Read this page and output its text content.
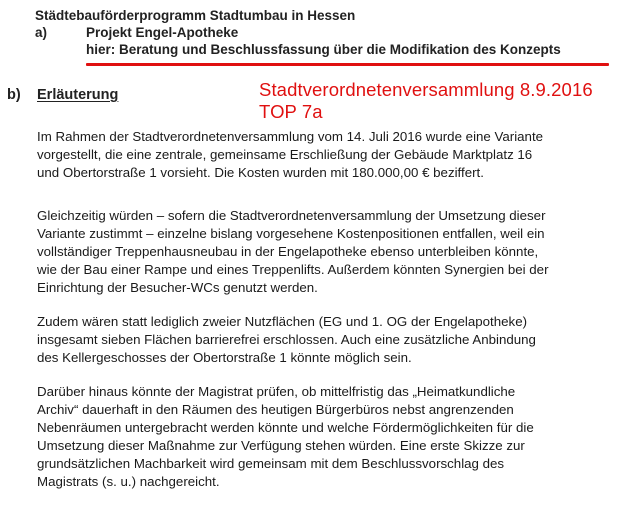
Städtebauförderprogramm Stadtumbau in Hessen
a)	Projekt Engel-Apotheke
hier: Beratung und Beschlussfassung über die Modifikation des Konzepts
b) Erläuterung	Stadtverordnetenversammlung 8.9.2016
TOP 7a
Im Rahmen der Stadtverordnetenversammlung vom 14. Juli 2016 wurde eine Variante
vorgestellt, die eine zentrale, gemeinsame Erschließung der Gebäude Marktplatz 16
und Obertorstraße 1 vorsieht. Die Kosten wurden mit 180.000,00 € beziffert.
Gleichzeitig würden – sofern die Stadtverordnetenversammlung der Umsetzung dieser
Variante zustimmt – einzelne bislang vorgesehene Kostenpositionen entfallen, weil ein
vollständiger Treppenhausneubau in der Engelapotheke ebenso unterbleiben könnte,
wie der Bau einer Rampe und eines Treppenlifts. Außerdem könnten Synergien bei der
Einrichtung der Besucher-WCs genutzt werden.
Zudem wären statt lediglich zweier Nutzflächen (EG und 1. OG der Engelapotheke)
insgesamt sieben Flächen barrierefrei erschlossen. Auch eine zusätzliche Anbindung
des Kellergeschosses der Obertorstraße 1 könnte möglich sein.
Darüber hinaus könnte der Magistrat prüfen, ob mittelfristig das „Heimatkundliche
Archiv“ dauerhaft in den Räumen des heutigen Bürgerbüros nebst angrenzenden
Nebenräumen untergebracht werden könnte und welche Fördermöglichkeiten für die
Umsetzung dieser Maßnahme zur Verfügung stehen würden. Eine erste Skizze zur
grundsätzlichen Machbarkeit wird gemeinsam mit dem Beschlussvorschlag des
Magistrats (s. u.) nachgereicht.
